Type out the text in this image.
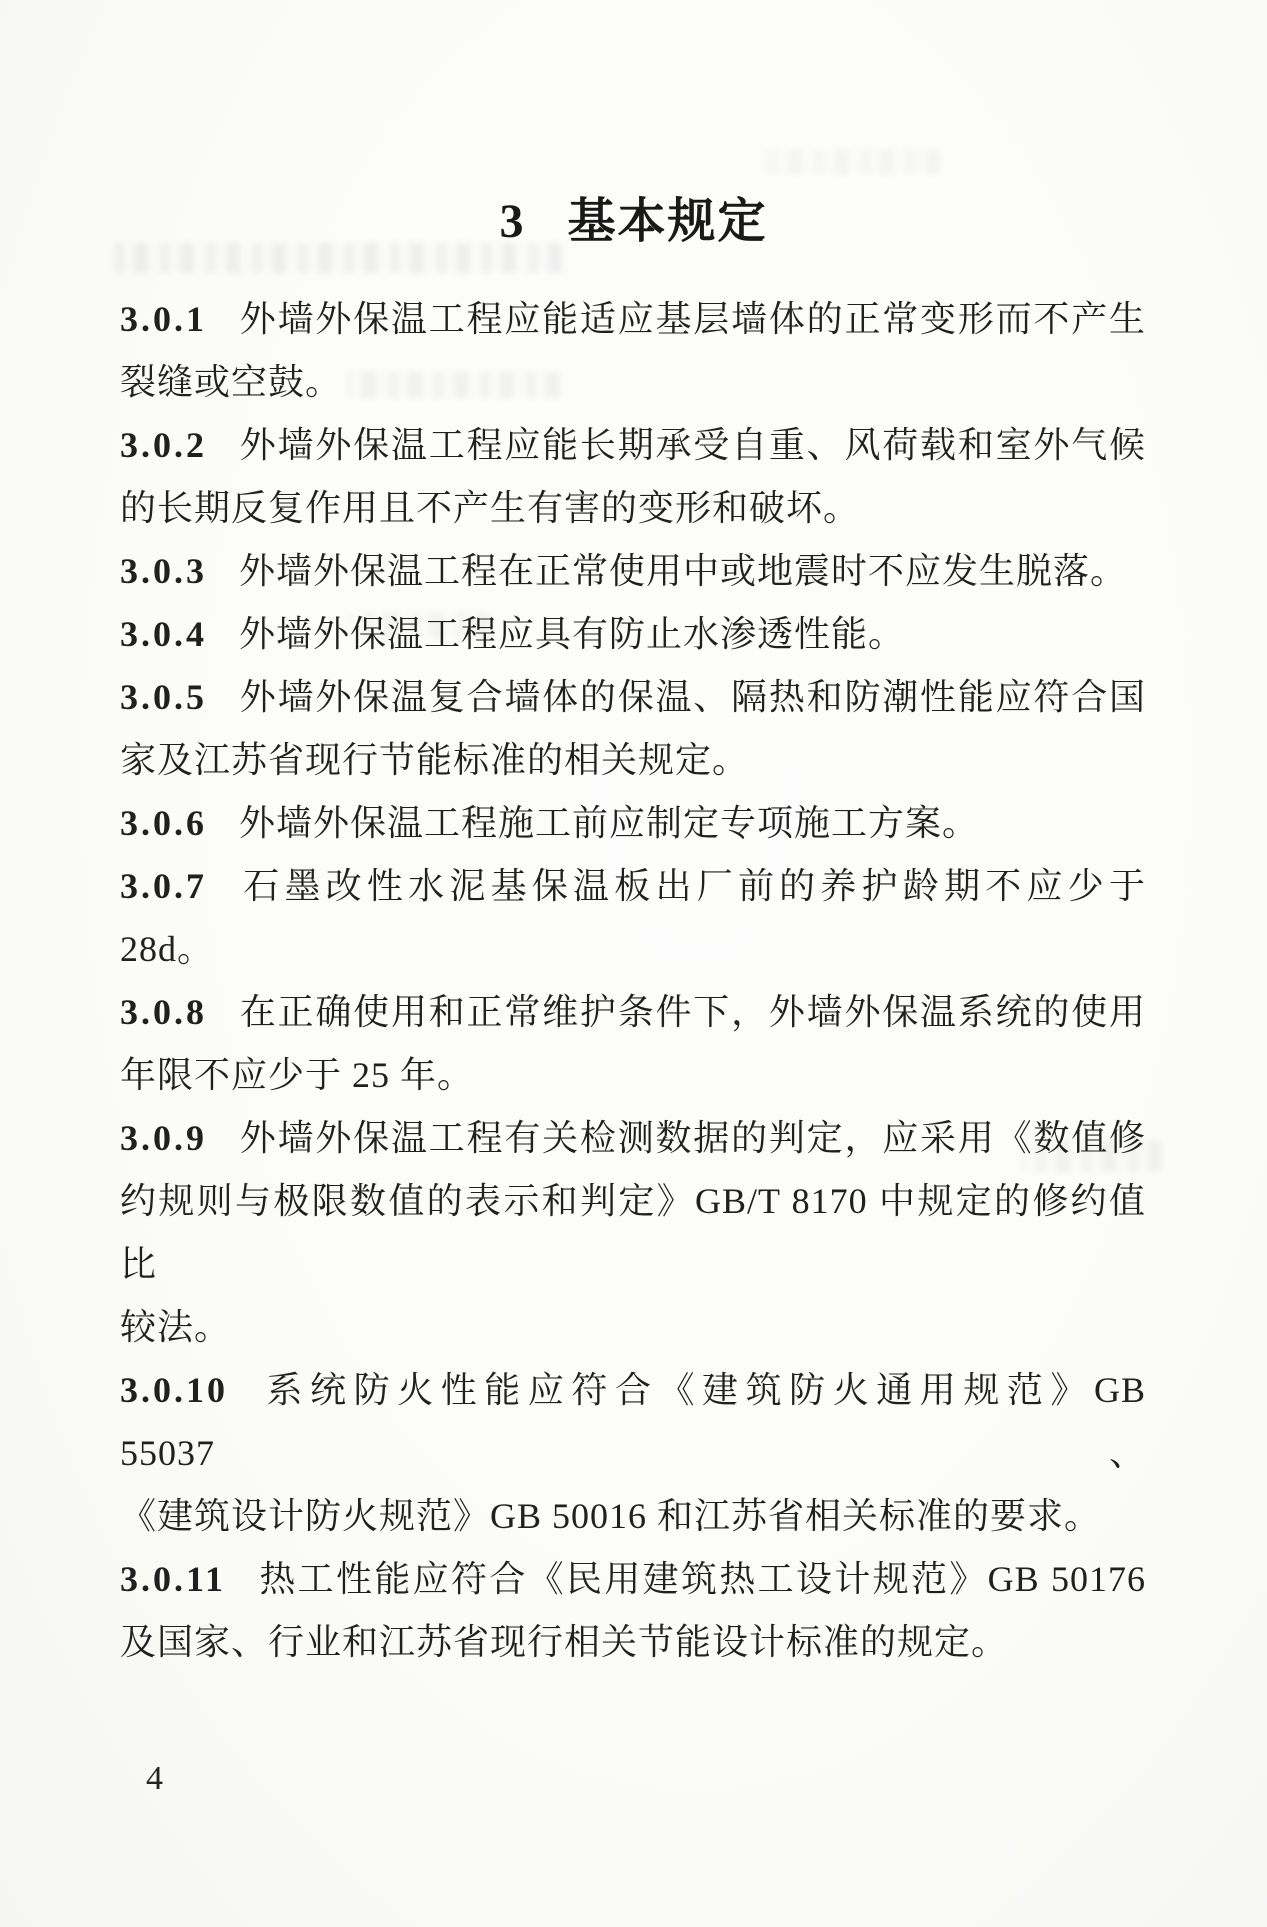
3 基本规定
3.0.1 外墙外保温工程应能适应基层墙体的正常变形而不产生
裂缝或空鼓。
3.0.2 外墙外保温工程应能长期承受自重、风荷载和室外气候
的长期反复作用且不产生有害的变形和破坏。
3.0.3 外墙外保温工程在正常使用中或地震时不应发生脱落。
3.0.4 外墙外保温工程应具有防止水渗透性能。
3.0.5 外墙外保温复合墙体的保温、隔热和防潮性能应符合国
家及江苏省现行节能标准的相关规定。
3.0.6 外墙外保温工程施工前应制定专项施工方案。
3.0.7 石墨改性水泥基保温板出厂前的养护龄期不应少于 28d。
3.0.8 在正确使用和正常维护条件下，外墙外保温系统的使用
年限不应少于 25 年。
3.0.9 外墙外保温工程有关检测数据的判定，应采用《数值修
约规则与极限数值的表示和判定》GB/T 8170 中规定的修约值比
较法。
3.0.10 系统防火性能应符合《建筑防火通用规范》GB 55037、
《建筑设计防火规范》GB 50016 和江苏省相关标准的要求。
3.0.11 热工性能应符合《民用建筑热工设计规范》GB 50176
及国家、行业和江苏省现行相关节能设计标准的规定。
4
